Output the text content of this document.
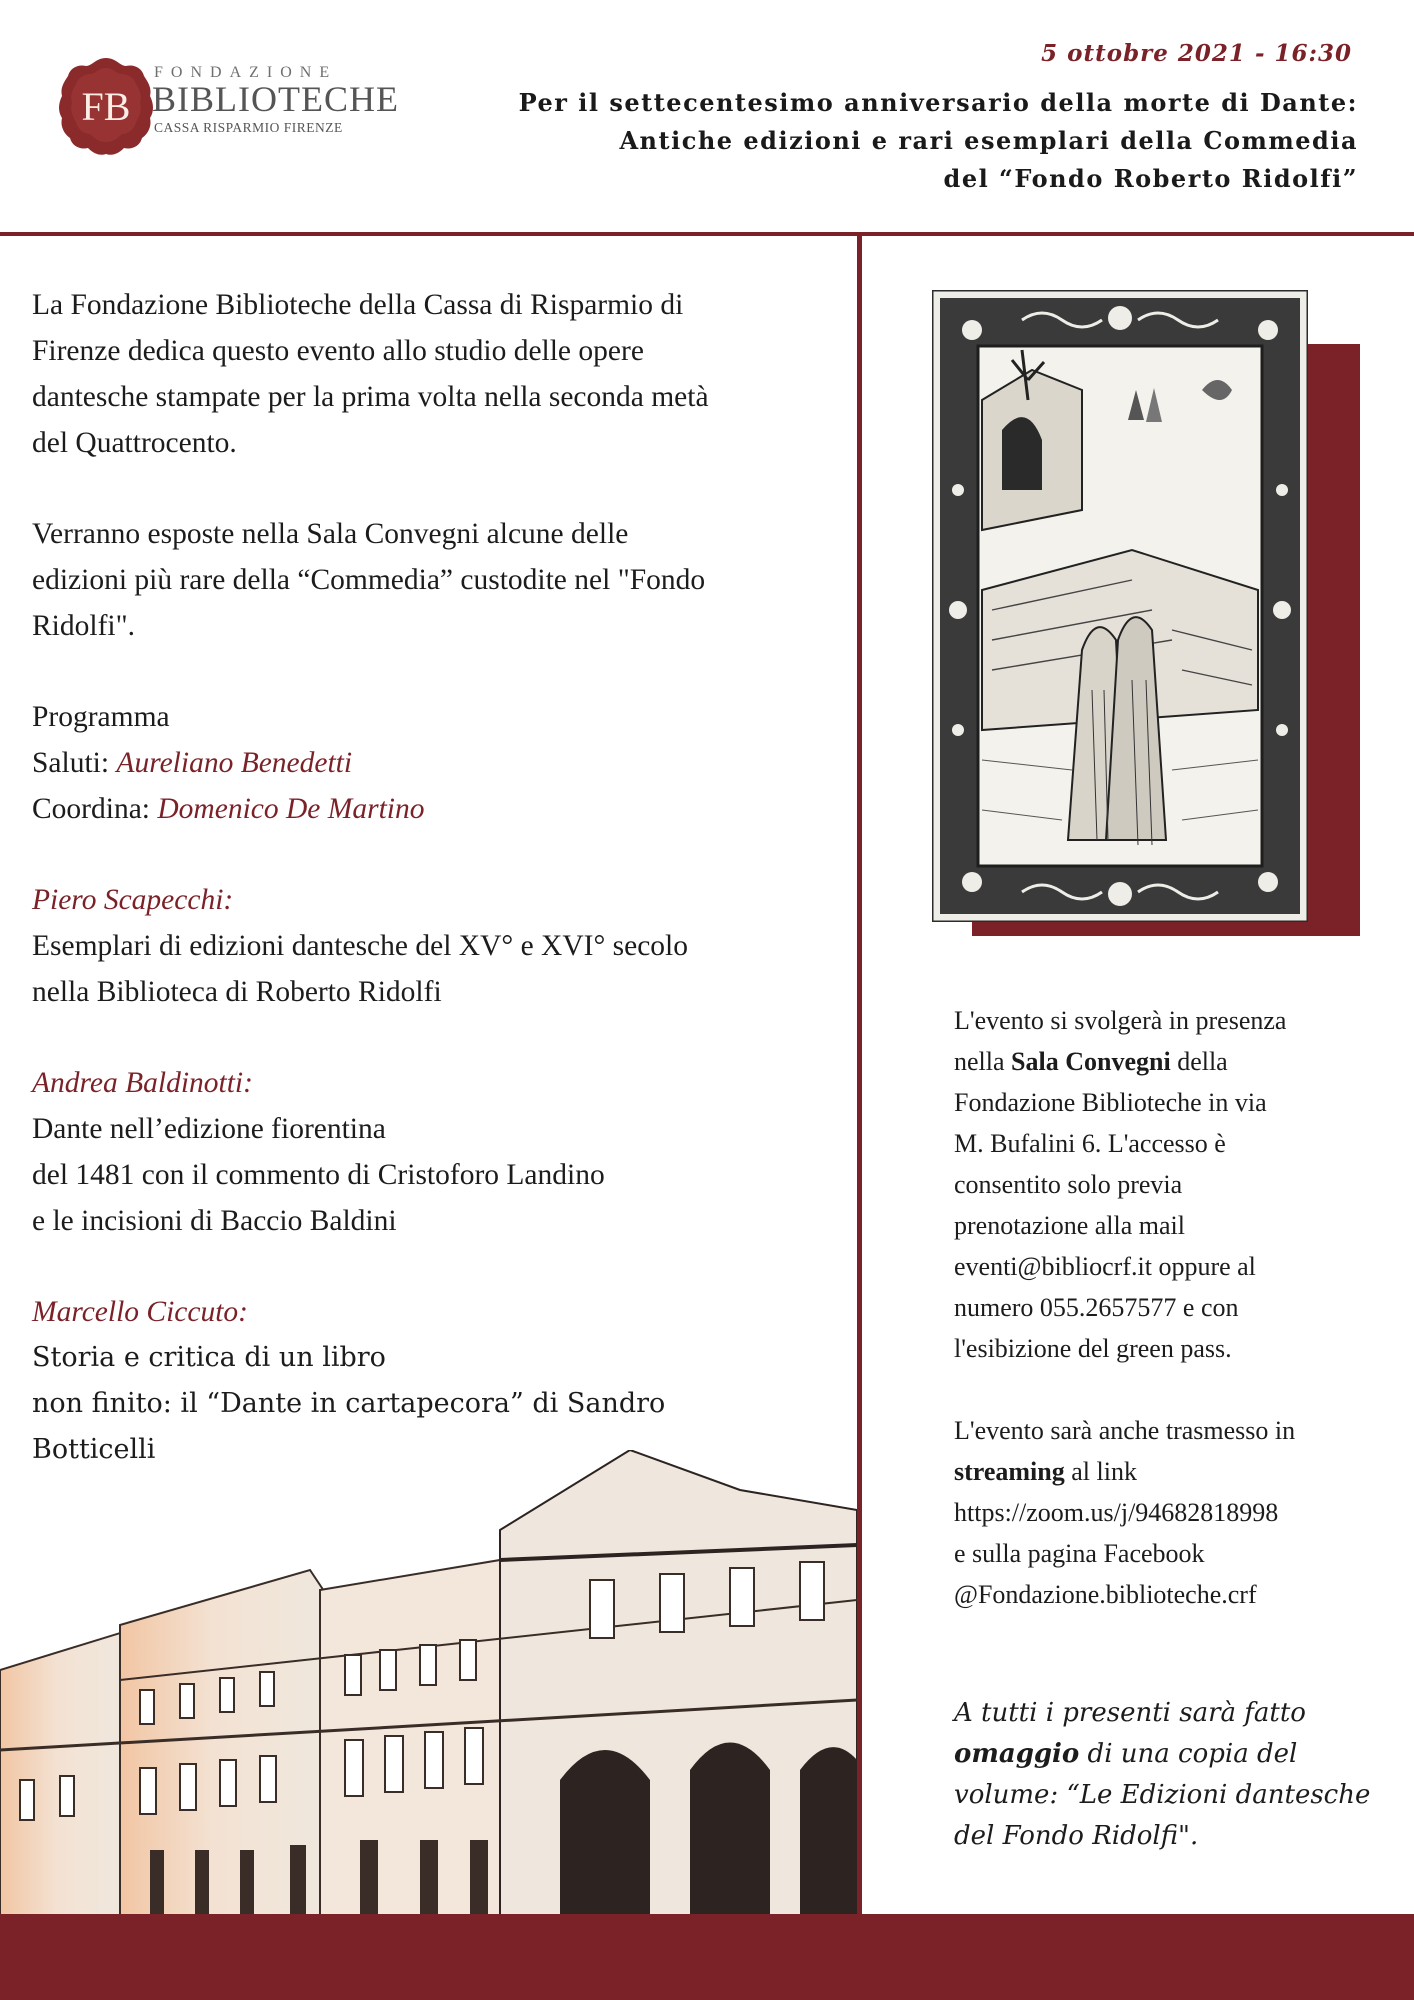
FB
FONDAZIONE
BIBLIOTECHE
CASSA RISPARMIO FIRENZE

5 ottobre 2021 - 16:30

Per il settecentesimo anniversario della morte di Dante:
Antiche edizioni e rari esemplari della Commedia
del “Fondo Roberto Ridolfi”

La Fondazione Biblioteche della Cassa di Risparmio di
Firenze dedica questo evento allo studio delle opere
dantesche stampate per la prima volta nella seconda metà
del Quattrocento.

Verranno esposte nella Sala Convegni alcune delle
edizioni più rare della “Commedia” custodite nel "Fondo
Ridolfi".

Programma
Saluti: Aureliano Benedetti
Coordina: Domenico De Martino

Piero Scapecchi:
Esemplari di edizioni dantesche del XV° e XVI° secolo
nella Biblioteca di Roberto Ridolfi

Andrea Baldinotti:
Dante nell’edizione fiorentina
del 1481 con il commento di Cristoforo Landino
e le incisioni di Baccio Baldini

Marcello Ciccuto:
Storia e critica di un libro
non finito: il “Dante in cartapecora” di Sandro
Botticelli

L'evento si svolgerà in presenza
nella Sala Convegni della
Fondazione Biblioteche in via
M. Bufalini 6. L'accesso è
consentito solo previa
prenotazione alla mail
eventi@bibliocrf.it oppure al
numero 055.2657577 e con
l'esibizione del green pass.

L'evento sarà anche trasmesso in
streaming al link
https://zoom.us/j/94682818998
e sulla pagina Facebook
@Fondazione.biblioteche.crf

A tutti i presenti sarà fatto
omaggio di una copia del
volume: “Le Edizioni dantesche
del Fondo Ridolfi".
